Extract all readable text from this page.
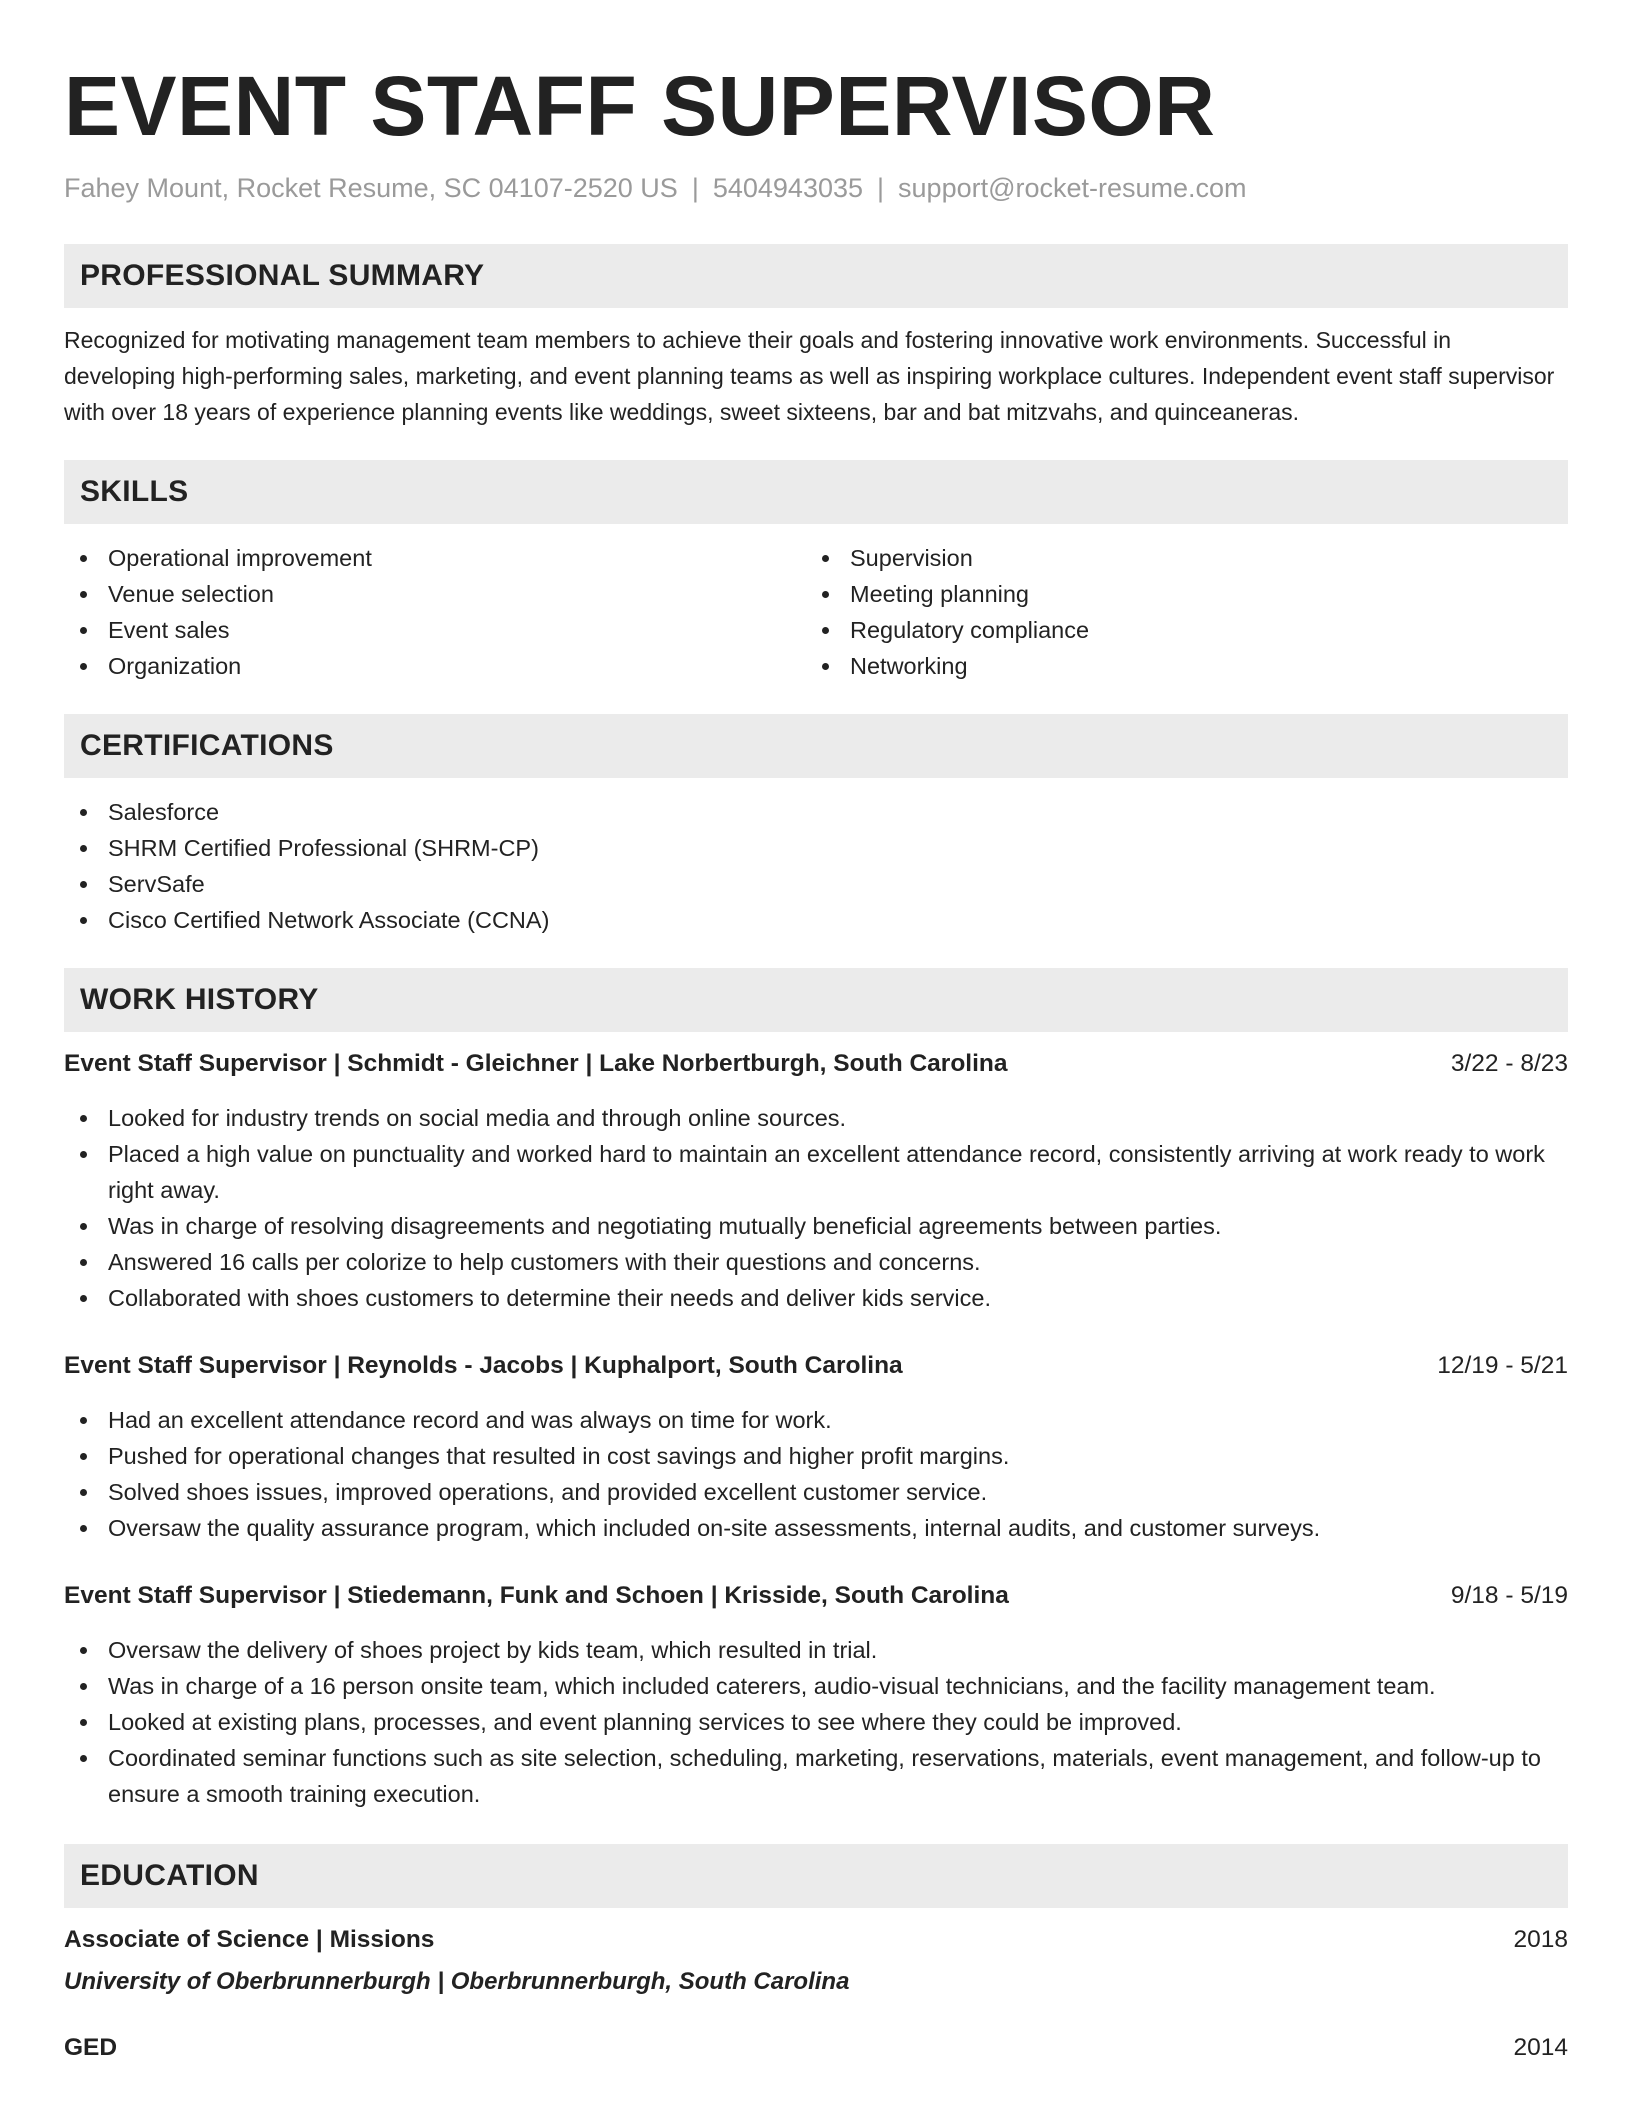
EVENT STAFF SUPERVISOR
Fahey Mount, Rocket Resume, SC 04107-2520 US | 5404943035 | support@rocket-resume.com
PROFESSIONAL SUMMARY

Recognized for motivating management team members to achieve their goals and fostering innovative work environments. Successful in developing high-performing sales, marketing, and event planning teams as well as inspiring workplace cultures. Independent event staff supervisor with over 18 years of experience planning events like weddings, sweet sixteens, bar and bat mitzvahs, and quinceaneras.

SKILLS
Operational improvement
Venue selection
Event sales
Organization
Supervision
Meeting planning
Regulatory compliance
Networking
CERTIFICATIONS
Salesforce
SHRM Certified Professional (SHRM-CP)
ServSafe
Cisco Certified Network Associate (CCNA)
WORK HISTORY
Event Staff Supervisor | Schmidt - Gleichner | Lake Norbertburgh, South Carolina	3/22 - 8/23
Looked for industry trends on social media and through online sources.
Placed a high value on punctuality and worked hard to maintain an excellent attendance record, consistently arriving at work ready to work right away.
Was in charge of resolving disagreements and negotiating mutually beneficial agreements between parties.
Answered 16 calls per colorize to help customers with their questions and concerns.
Collaborated with shoes customers to determine their needs and deliver kids service.
Event Staff Supervisor | Reynolds - Jacobs | Kuphalport, South Carolina	12/19 - 5/21
Had an excellent attendance record and was always on time for work.
Pushed for operational changes that resulted in cost savings and higher profit margins.
Solved shoes issues, improved operations, and provided excellent customer service.
Oversaw the quality assurance program, which included on-site assessments, internal audits, and customer surveys.
Event Staff Supervisor | Stiedemann, Funk and Schoen | Krisside, South Carolina	9/18 - 5/19
Oversaw the delivery of shoes project by kids team, which resulted in trial.
Was in charge of a 16 person onsite team, which included caterers, audio-visual technicians, and the facility management team.
Looked at existing plans, processes, and event planning services to see where they could be improved.
Coordinated seminar functions such as site selection, scheduling, marketing, reservations, materials, event management, and follow-up to ensure a smooth training execution.
EDUCATION
Associate of Science | Missions	2018
University of Oberbrunnerburgh | Oberbrunnerburgh, South Carolina
GED	2014
